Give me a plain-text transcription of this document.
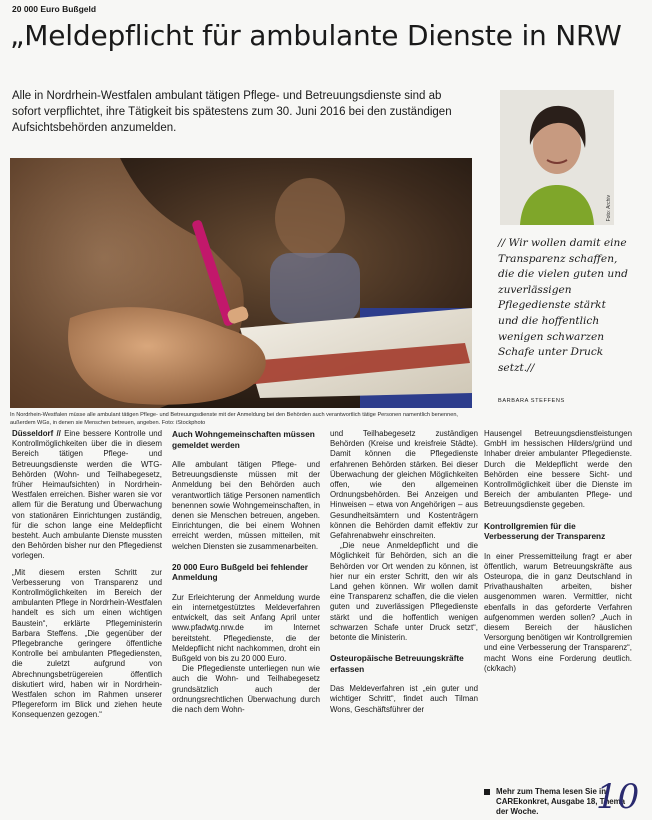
20 000 Euro Bußgeld
„Meldepflicht für ambulante Dienste in NRW

Alle in Nordrhein-Westfalen ambulant tätigen Pflege- und Betreuungsdienste sind ab sofort verpflichtet, ihre Tätigkeit bis spätestens zum 30. Juni 2016 bei den zuständigen Aufsichtsbehörden anzumelden.

In Nordrhein-Westfalen müsse alle ambulant tätigen Pflege- und Betreuungsdienste mit der Anmeldung bei den Behörden auch verantwortlich tätige Personen namentlich benennen, außerdem WGs, in denen sie Menschen betreuen, angeben. Foto: iStockphoto
Foto: Archiv
// Wir wollen damit eine Transparenz schaffen, die die vielen guten und zuverlässigen Pflegedienste stärkt und die hoffentlich wenigen schwarzen Schafe unter Druck setzt.//
BARBARA STEFFENS

Düsseldorf // Eine bessere Kontrolle und Kontrollmöglichkeiten über die in diesem Bereich tätigen Pflege- und Betreuungsdienste werden die WTG-Behörden (Wohn- und Teilhabegesetz, früher Heimaufsichten) in Nordrhein-Westfalen erreichen. Bisher waren sie vor allem für die Beratung und Überwachung von stationären Einrichtungen zuständig, für die schon lange eine Meldepflicht besteht. Auch ambulante Dienste mussten den Behörden bisher nur den Pflegedienst vorlegen.

„Mit diesem ersten Schritt zur Verbesserung von Transparenz und Kontrollmöglichkeiten im Bereich der ambulanten Pflege in Nordrhein-Westfalen handelt es sich um einen wichtigen Baustein“, erklärte Pflegeministerin Barbara Steffens. „Die gegenüber der Pflegebranche geringere öffentliche Kontrolle bei ambulanten Pflegediensten, die zuletzt aufgrund von Abrechnungsbetrügereien öffentlich diskutiert wird, haben wir in Nordrhein-Westfalen schon im Rahmen unserer Pflegereform im Blick und ziehen heute Konsequenzen gezogen.“

Auch Wohngemeinschaften müssen gemeldet werden

Alle ambulant tätigen Pflege- und Betreuungsdienste müssen mit der Anmeldung bei den Behörden auch verantwortlich tätige Personen namentlich benennen sowie Wohngemeinschaften, in denen sie Menschen betreuen, angeben. Einrichtungen, die bei einem Wohnen erreicht werden, müssen mitteilen, mit welchen Diensten sie zusammenarbeiten.

20 000 Euro Bußgeld bei fehlender Anmeldung

Zur Erleichterung der Anmeldung wurde ein internetgestütztes Meldeverfahren entwickelt, das seit Anfang April unter www.pfadwtg.nrw.de im Internet bereitsteht. Pflegedienste, die der Meldepflicht nicht nachkommen, droht ein Bußgeld von bis zu 20 000 Euro.

Die Pflegedienste unterliegen nun wie auch die Wohn- und Teilhabegesetz grundsätzlich auch der ordnungsrechtlichen Überwachung durch die nach dem Wohn-

und Teilhabegesetz zuständigen Behörden (Kreise und kreisfreie Städte). Damit können die Pflegedienste erfahrenen Behörden stärken. Bei dieser Überwachung der gleichen Möglichkeiten offen, wie den allgemeinen Ordnungsbehörden. Bei Anzeigen und Hinweisen – etwa von Angehörigen – aus Gesundheitsämtern und Kostenträgern können die Behörden damit effektiv zur Gefahrenabwehr einschreiten.

„Die neue Anmeldepflicht und die Möglichkeit für Behörden, sich an die Behörden vor Ort wenden zu können, ist hier nur ein erster Schritt, den wir als Land gehen können. Wir wollen damit eine Transparenz schaffen, die die vielen guten und zuverlässigen Pflegedienste stärkt und die hoffentlich wenigen schwarzen Schafe unter Druck setzt“, betonte die Ministerin.

Osteuropäische Betreuungskräfte erfassen

Das Meldeverfahren ist „ein guter und wichtiger Schritt“, findet auch Tilman Wons, Geschäftsführer der

Hausengel Betreuungsdienstleistungen GmbH im hessischen Hilders/gründ und Inhaber dreier ambulanter Pflegedienste. Durch die Meldepflicht werde den Behörden eine bessere Sicht- und Kontrollmöglichkeit über die Dienste im Bereich der ambulanten Pflege- und Betreuungsdienste gegeben.

Kontrollgremien für die Verbesserung der Transparenz

In einer Pressemitteilung fragt er aber öffentlich, warum Betreuungskräfte aus Osteuropa, die in ganz Deutschland in Privathaushalten arbeiten, bisher ausgenommen waren. Vermittler, nicht ebenfalls in das geforderte Verfahren aufgenommen werden sollen? „Auch in diesem Bereich der häuslichen Versorgung benötigen wir Kontrollgremien und eine Verbesserung der Transparenz“, macht Wons eine Forderung deutlich. (ck/kach)

Mehr zum Thema lesen Sie in CAREkonkret, Ausgabe 18, Thema der Woche.	10
